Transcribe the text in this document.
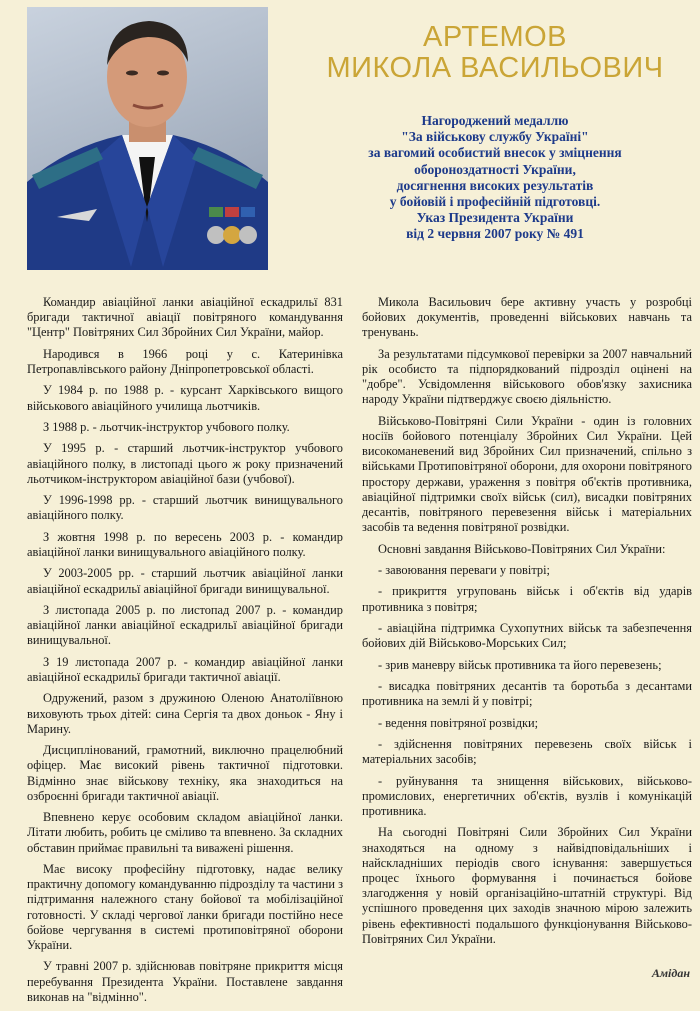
АРТЕМОВ
МИКОЛА ВАСИЛЬОВИЧ
Нагороджений медаллю
"За військову службу Україні"
за вагомий особистий внесок у зміцнення
обороноздатності України,
досягнення високих результатів
у бойовій і професійній підготовці.
Указ Президента України
від 2 червня 2007 року № 491

Командир авіаційної ланки авіаційної ескадрильї 831 бригади тактичної авіації повітряного командування "Центр" Повітряних Сил Збройних Сил України, майор.

Народився в 1966 році у с. Катеринівка Петропавлівського району Дніпропетровської області.

У 1984 р. по 1988 р. - курсант Харківського вищого військового авіаційного училища льотчиків.

З 1988 р. - льотчик-інструктор учбового полку.

У 1995 р. - старший льотчик-інструктор учбового авіаційного полку, в листопаді цього ж року призначений льотчиком-інструктором авіаційної бази (учбової).

У 1996-1998 рр. - старший льотчик винищувального авіаційного полку.

З жовтня 1998 р. по вересень 2003 р. - командир авіаційної ланки винищувального авіаційного полку.

У 2003-2005 рр. - старший льотчик авіаційної ланки авіаційної ескадрильї авіаційної бригади винищувальної.

З листопада 2005 р. по листопад 2007 р. - командир авіаційної ланки авіаційної ескадрильї авіаційної бригади винищувальної.

З 19 листопада 2007 р. - командир авіаційної ланки авіаційної ескадрильї бригади тактичної авіації.

Одружений, разом з дружиною Оленою Анатоліївною виховують трьох дітей: сина Сергія та двох доньок - Яну і Марину.

Дисциплінований, грамотний, виключно працелюбний офіцер. Має високий рівень тактичної підготовки. Відмінно знає військову техніку, яка знаходиться на озброєнні бригади тактичної авіації.

Впевнено керує особовим складом авіаційної ланки. Літати любить, робить це сміливо та впевнено. За складних обставин приймає правильні та виважені рішення.

Має високу професійну підготовку, надає велику практичну допомогу командуванню підрозділу та частини з підтримання належного стану бойової та мобілізаційної готовності. У складі чергової ланки бригади постійно несе бойове чергування в системі протиповітряної оборони України.

У травні 2007 р. здійснював повітряне прикриття місця перебування Президента України. Поставлене завдання виконав на "відмінно".

Микола Васильович бере активну участь у розробці бойових документів, проведенні військових навчань та тренувань.

За результатами підсумкової перевірки за 2007 навчальний рік особисто та підпорядкований підрозділ оцінені на "добре". Усвідомлення військового обов'язку захисника народу України підтверджує своєю діяльністю.

Військово-Повітряні Сили України - один із головних носіїв бойового потенціалу Збройних Сил України. Цей високоманевений вид Збройних Сил призначений, спільно з військами Протиповітряної оборони, для охорони повітряного простору держави, ураження з повітря об'єктів противника, авіаційної підтримки своїх військ (сил), висадки повітряних десантів, повітряного перевезення військ і матеріальних засобів та ведення повітряної розвідки.

Основні завдання Військово-Повітряних Сил України:

- завоювання переваги у повітрі;
- прикриття угруповань військ і об'єктів від ударів противника з повітря;
- авіаційна підтримка Сухопутних військ та забезпечення бойових дій Військово-Морських Сил;
- зрив маневру військ противника та його перевезень;
- висадка повітряних десантів та боротьба з десантами противника на землі й у повітрі;
- ведення повітряної розвідки;
- здійснення повітряних перевезень своїх військ і матеріальних засобів;
- руйнування та знищення військових, військово-промислових, енергетичних об'єктів, вузлів і комунікацій противника.

На сьогодні Повітряні Сили Збройних Сил України знаходяться на одному з найвідповідальніших і найскладніших періодів свого існування: завершується процес їхнього формування і починається бойове злагодження у новій організаційно-штатній структурі. Від успішного проведення цих заходів значною мірою залежить рівень ефективності подальшого функціонування Військово-Повітряних Сил України.

Амідан
